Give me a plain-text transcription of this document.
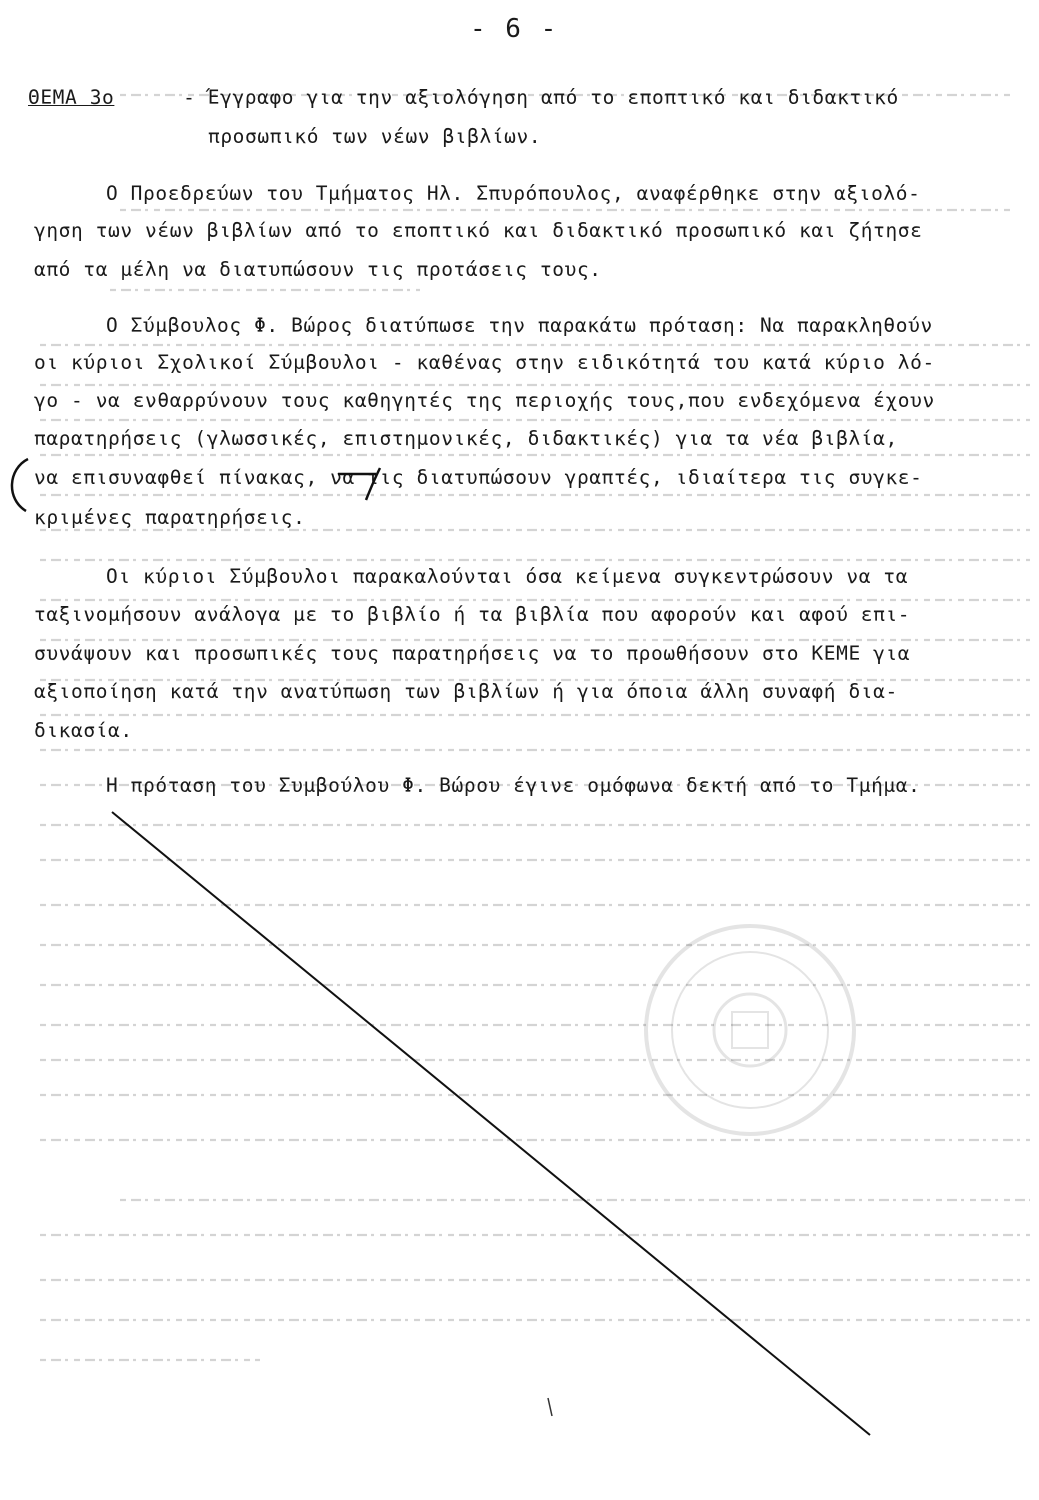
- 6 -
ΘΕΜΑ 3ο	- Έγγραφο για την αξιολόγηση από το εποπτικό και διδακτικό
προσωπικό των νέων βιβλίων.
Ο Προεδρεύων του Τμήματος Ηλ. Σπυρόπουλος, αναφέρθηκε στην αξιολό-
γηση των νέων βιβλίων από το εποπτικό και διδακτικό προσωπικό και ζήτησε
από τα μέλη να διατυπώσουν τις προτάσεις τους.
Ο Σύμβουλος Φ. Βώρος διατύπωσε την παρακάτω πρόταση: Να παρακληθούν
οι κύριοι Σχολικοί Σύμβουλοι - καθένας στην ειδικότητά του κατά κύριο λό-
γο - να ενθαρρύνουν τους καθηγητές της περιοχής τους,που ενδεχόμενα έχουν
παρατηρήσεις (γλωσσικές, επιστημονικές, διδακτικές) για τα νέα βιβλία,
να επισυναφθεί πίνακας, να τις διατυπώσουν γραπτές, ιδιαίτερα τις συγκε-
κριμένες παρατηρήσεις.
Οι κύριοι Σύμβουλοι παρακαλούνται όσα κείμενα συγκεντρώσουν να τα
ταξινομήσουν ανάλογα με το βιβλίο ή τα βιβλία που αφορούν και αφού επι-
συνάψουν και προσωπικές τους παρατηρήσεις να το προωθήσουν στο ΚΕΜΕ για
αξιοποίηση κατά την ανατύπωση των βιβλίων ή για όποια άλλη συναφή δια-
δικασία.
Η πρόταση του Συμβούλου Φ. Βώρου έγινε ομόφωνα δεκτή από το Τμήμα.
